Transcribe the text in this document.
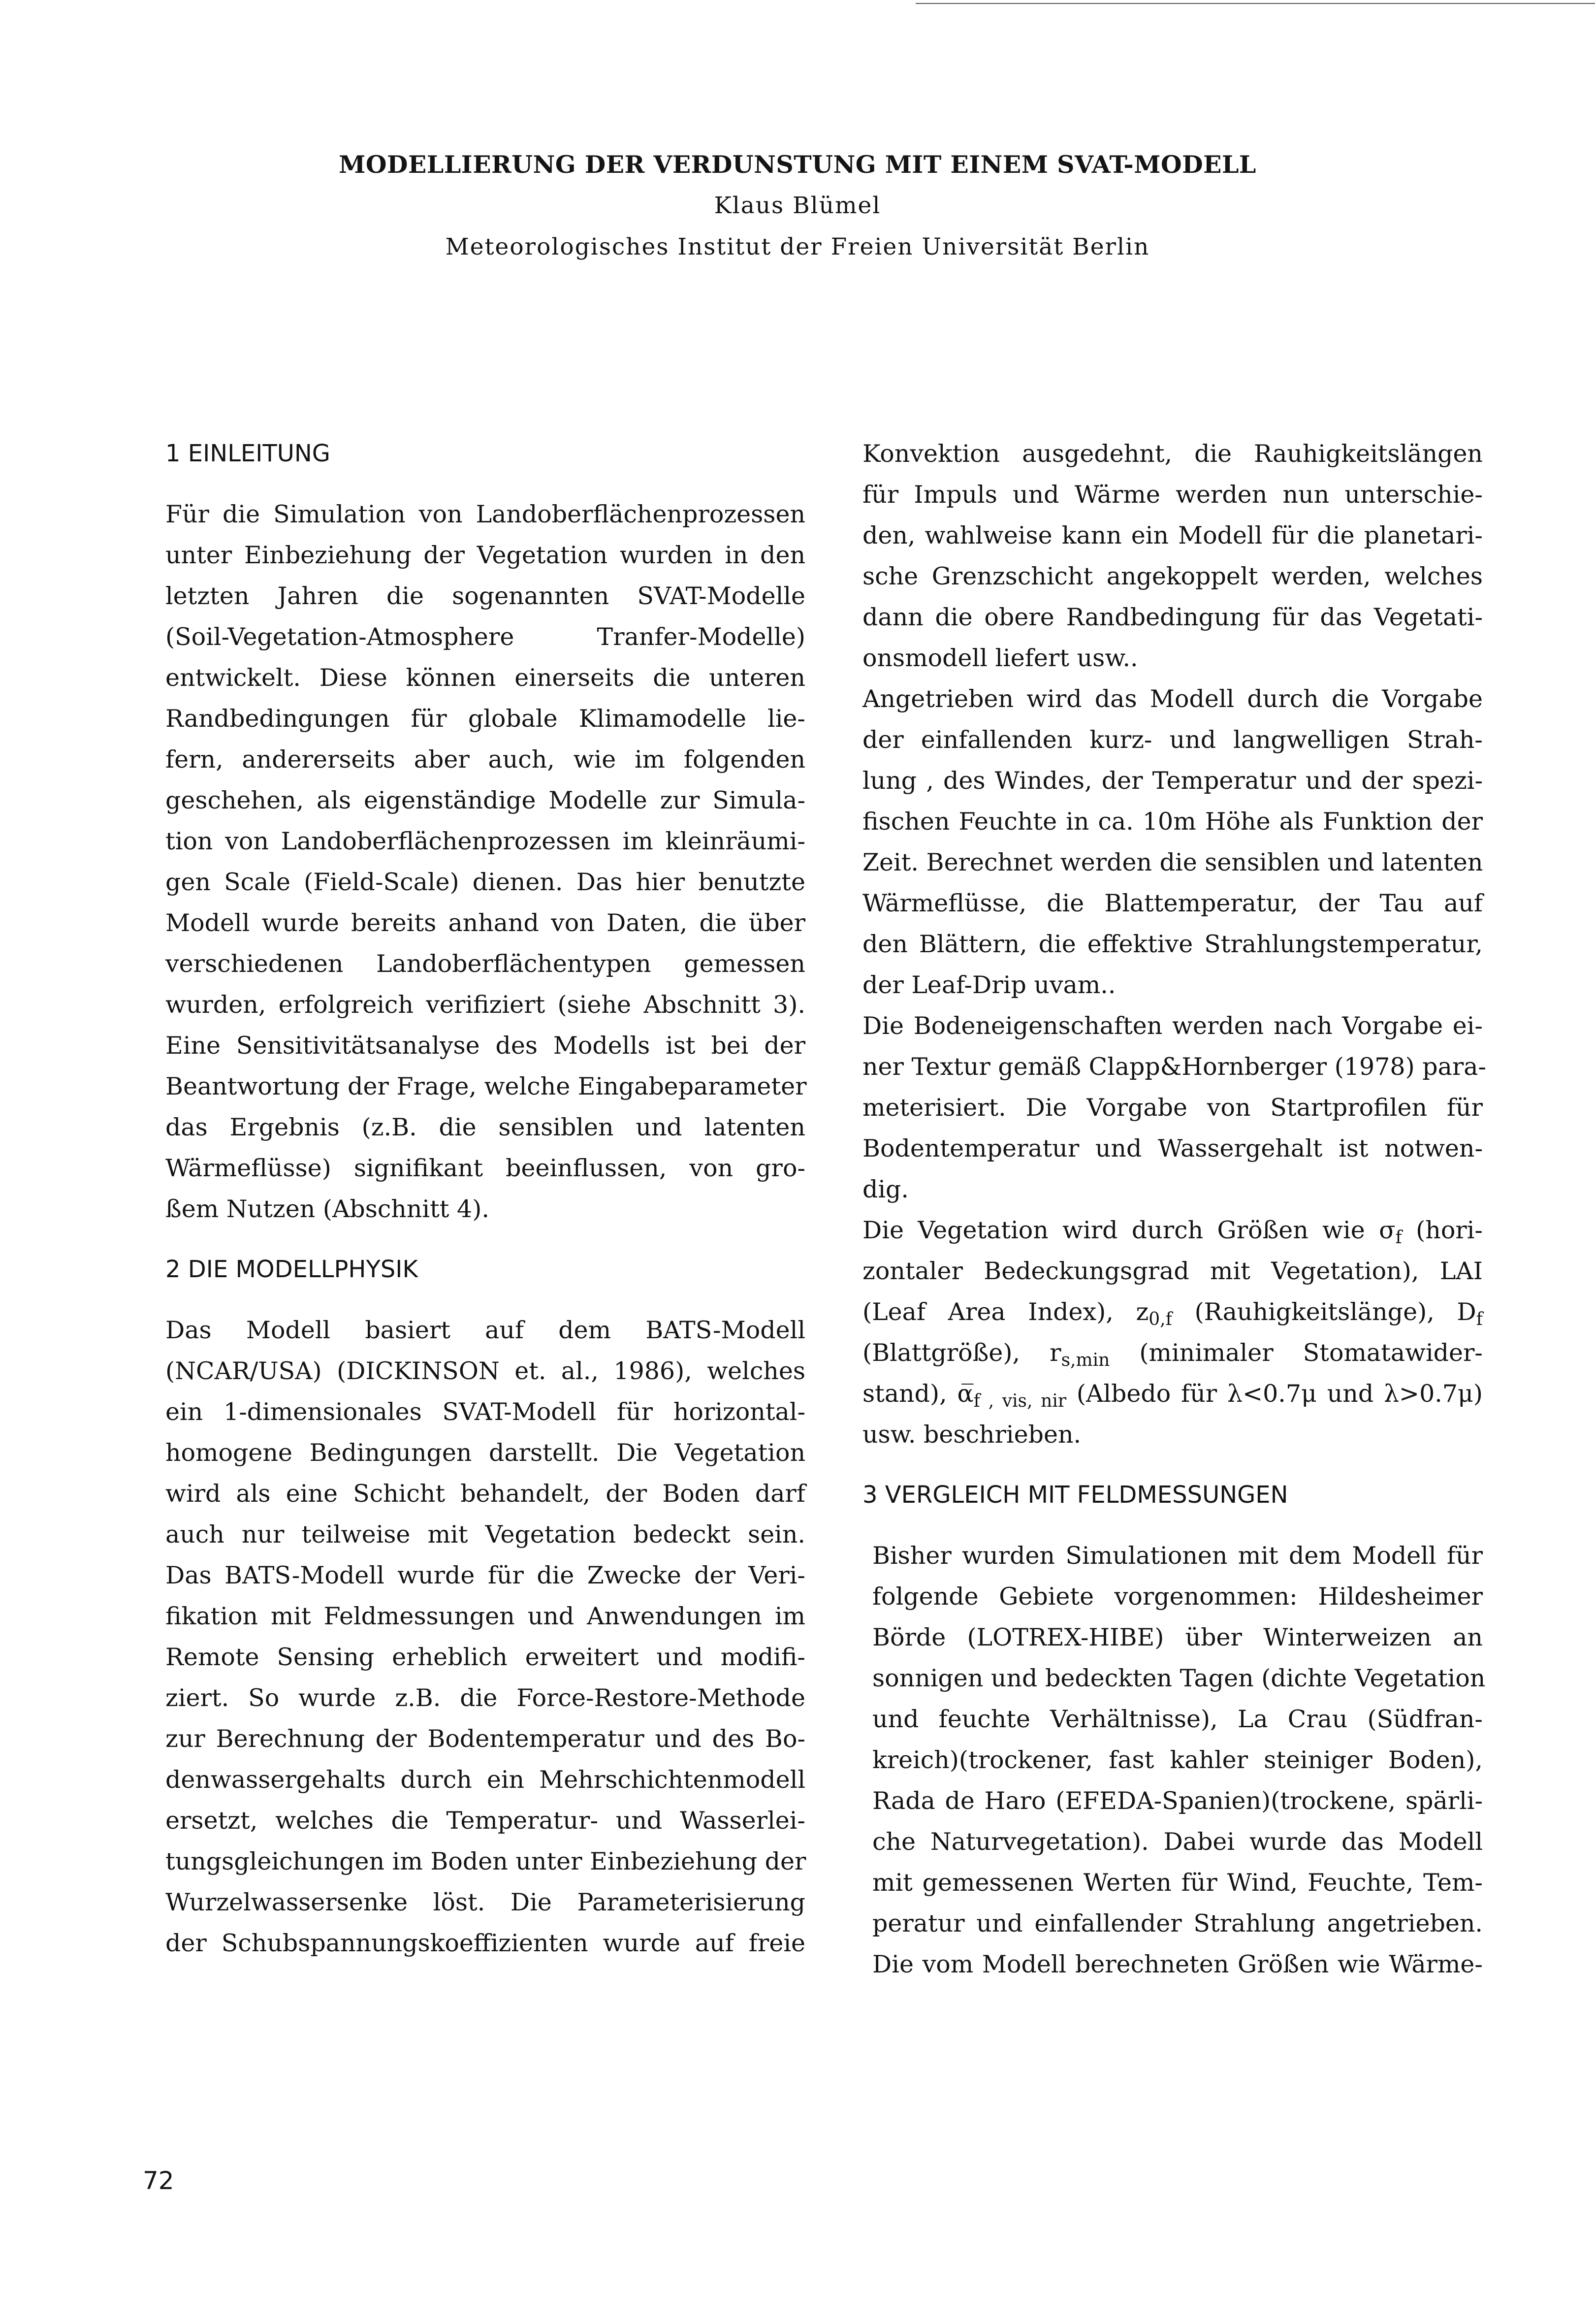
MODELLIERUNG DER VERDUNSTUNG MIT EINEM SVAT-MODELL
Klaus Blümel
Meteorologisches Institut der Freien Universität Berlin
1 EINLEITUNG
Für die Simulation von Landoberflächenprozessen
unter Einbeziehung der Vegetation wurden in den
letzten Jahren die sogenannten SVAT-Modelle
(Soil-Vegetation-Atmosphere Tranfer-Modelle)
entwickelt. Diese können einerseits die unteren
Randbedingungen für globale Klimamodelle lie-
fern, andererseits aber auch, wie im folgenden
geschehen, als eigenständige Modelle zur Simula-
tion von Landoberflächenprozessen im kleinräumi-
gen Scale (Field-Scale) dienen. Das hier benutzte
Modell wurde bereits anhand von Daten, die über
verschiedenen Landoberflächentypen gemessen
wurden, erfolgreich verifiziert (siehe Abschnitt 3).
Eine Sensitivitätsanalyse des Modells ist bei der
Beantwortung der Frage, welche Eingabeparameter
das Ergebnis (z.B. die sensiblen und latenten
Wärmeflüsse) signifikant beeinflussen, von gro-
ßem Nutzen (Abschnitt 4).
2 DIE MODELLPHYSIK
Das Modell basiert auf dem BATS-Modell
(NCAR/USA) (DICKINSON et. al., 1986), welches
ein 1-dimensionales SVAT-Modell für horizontal-
homogene Bedingungen darstellt. Die Vegetation
wird als eine Schicht behandelt, der Boden darf
auch nur teilweise mit Vegetation bedeckt sein.
Das BATS-Modell wurde für die Zwecke der Veri-
fikation mit Feldmessungen und Anwendungen im
Remote Sensing erheblich erweitert und modifi-
ziert. So wurde z.B. die Force-Restore-Methode
zur Berechnung der Bodentemperatur und des Bo-
denwassergehalts durch ein Mehrschichtenmodell
ersetzt, welches die Temperatur- und Wasserlei-
tungsgleichungen im Boden unter Einbeziehung der
Wurzelwassersenke löst. Die Parameterisierung
der Schubspannungskoeffizienten wurde auf freie
Konvektion ausgedehnt, die Rauhigkeitslängen
für Impuls und Wärme werden nun unterschie-
den, wahlweise kann ein Modell für die planetari-
sche Grenzschicht angekoppelt werden, welches
dann die obere Randbedingung für das Vegetati-
onsmodell liefert usw..
Angetrieben wird das Modell durch die Vorgabe
der einfallenden kurz- und langwelligen Strah-
lung , des Windes, der Temperatur und der spezi-
fischen Feuchte in ca. 10m Höhe als Funktion der
Zeit. Berechnet werden die sensiblen und latenten
Wärmeflüsse, die Blattemperatur, der Tau auf
den Blättern, die effektive Strahlungstemperatur,
der Leaf-Drip uvam..
Die Bodeneigenschaften werden nach Vorgabe ei-
ner Textur gemäß Clapp&Hornberger (1978) para-
meterisiert. Die Vorgabe von Startprofilen für
Bodentemperatur und Wassergehalt ist notwen-
dig.
Die Vegetation wird durch Größen wie $\sigma_f$ (hori-
zontaler Bedeckungsgrad mit Vegetation), LAI
(Leaf Area Index), $z_{0,f}$ (Rauhigkeitslänge), $D_f$
(Blattgröße), $r_{s,min}$ (minimaler Stomatawider-
stand), $\alpha̅_{f , vis, nir}$ (Albedo für λ<0.7μ und λ>0.7μ)
usw. beschrieben.
3 VERGLEICH MIT FELDMESSUNGEN
Bisher wurden Simulationen mit dem Modell für
folgende Gebiete vorgenommen: Hildesheimer
Börde (LOTREX-HIBE) über Winterweizen an
sonnigen und bedeckten Tagen (dichte Vegetation
und feuchte Verhältnisse), La Crau (Südfran-
kreich)(trockener, fast kahler steiniger Boden),
Rada de Haro (EFEDA-Spanien)(trockene, spärli-
che Naturvegetation). Dabei wurde das Modell
mit gemessenen Werten für Wind, Feuchte, Tem-
peratur und einfallender Strahlung angetrieben.
Die vom Modell berechneten Größen wie Wärme-
72
